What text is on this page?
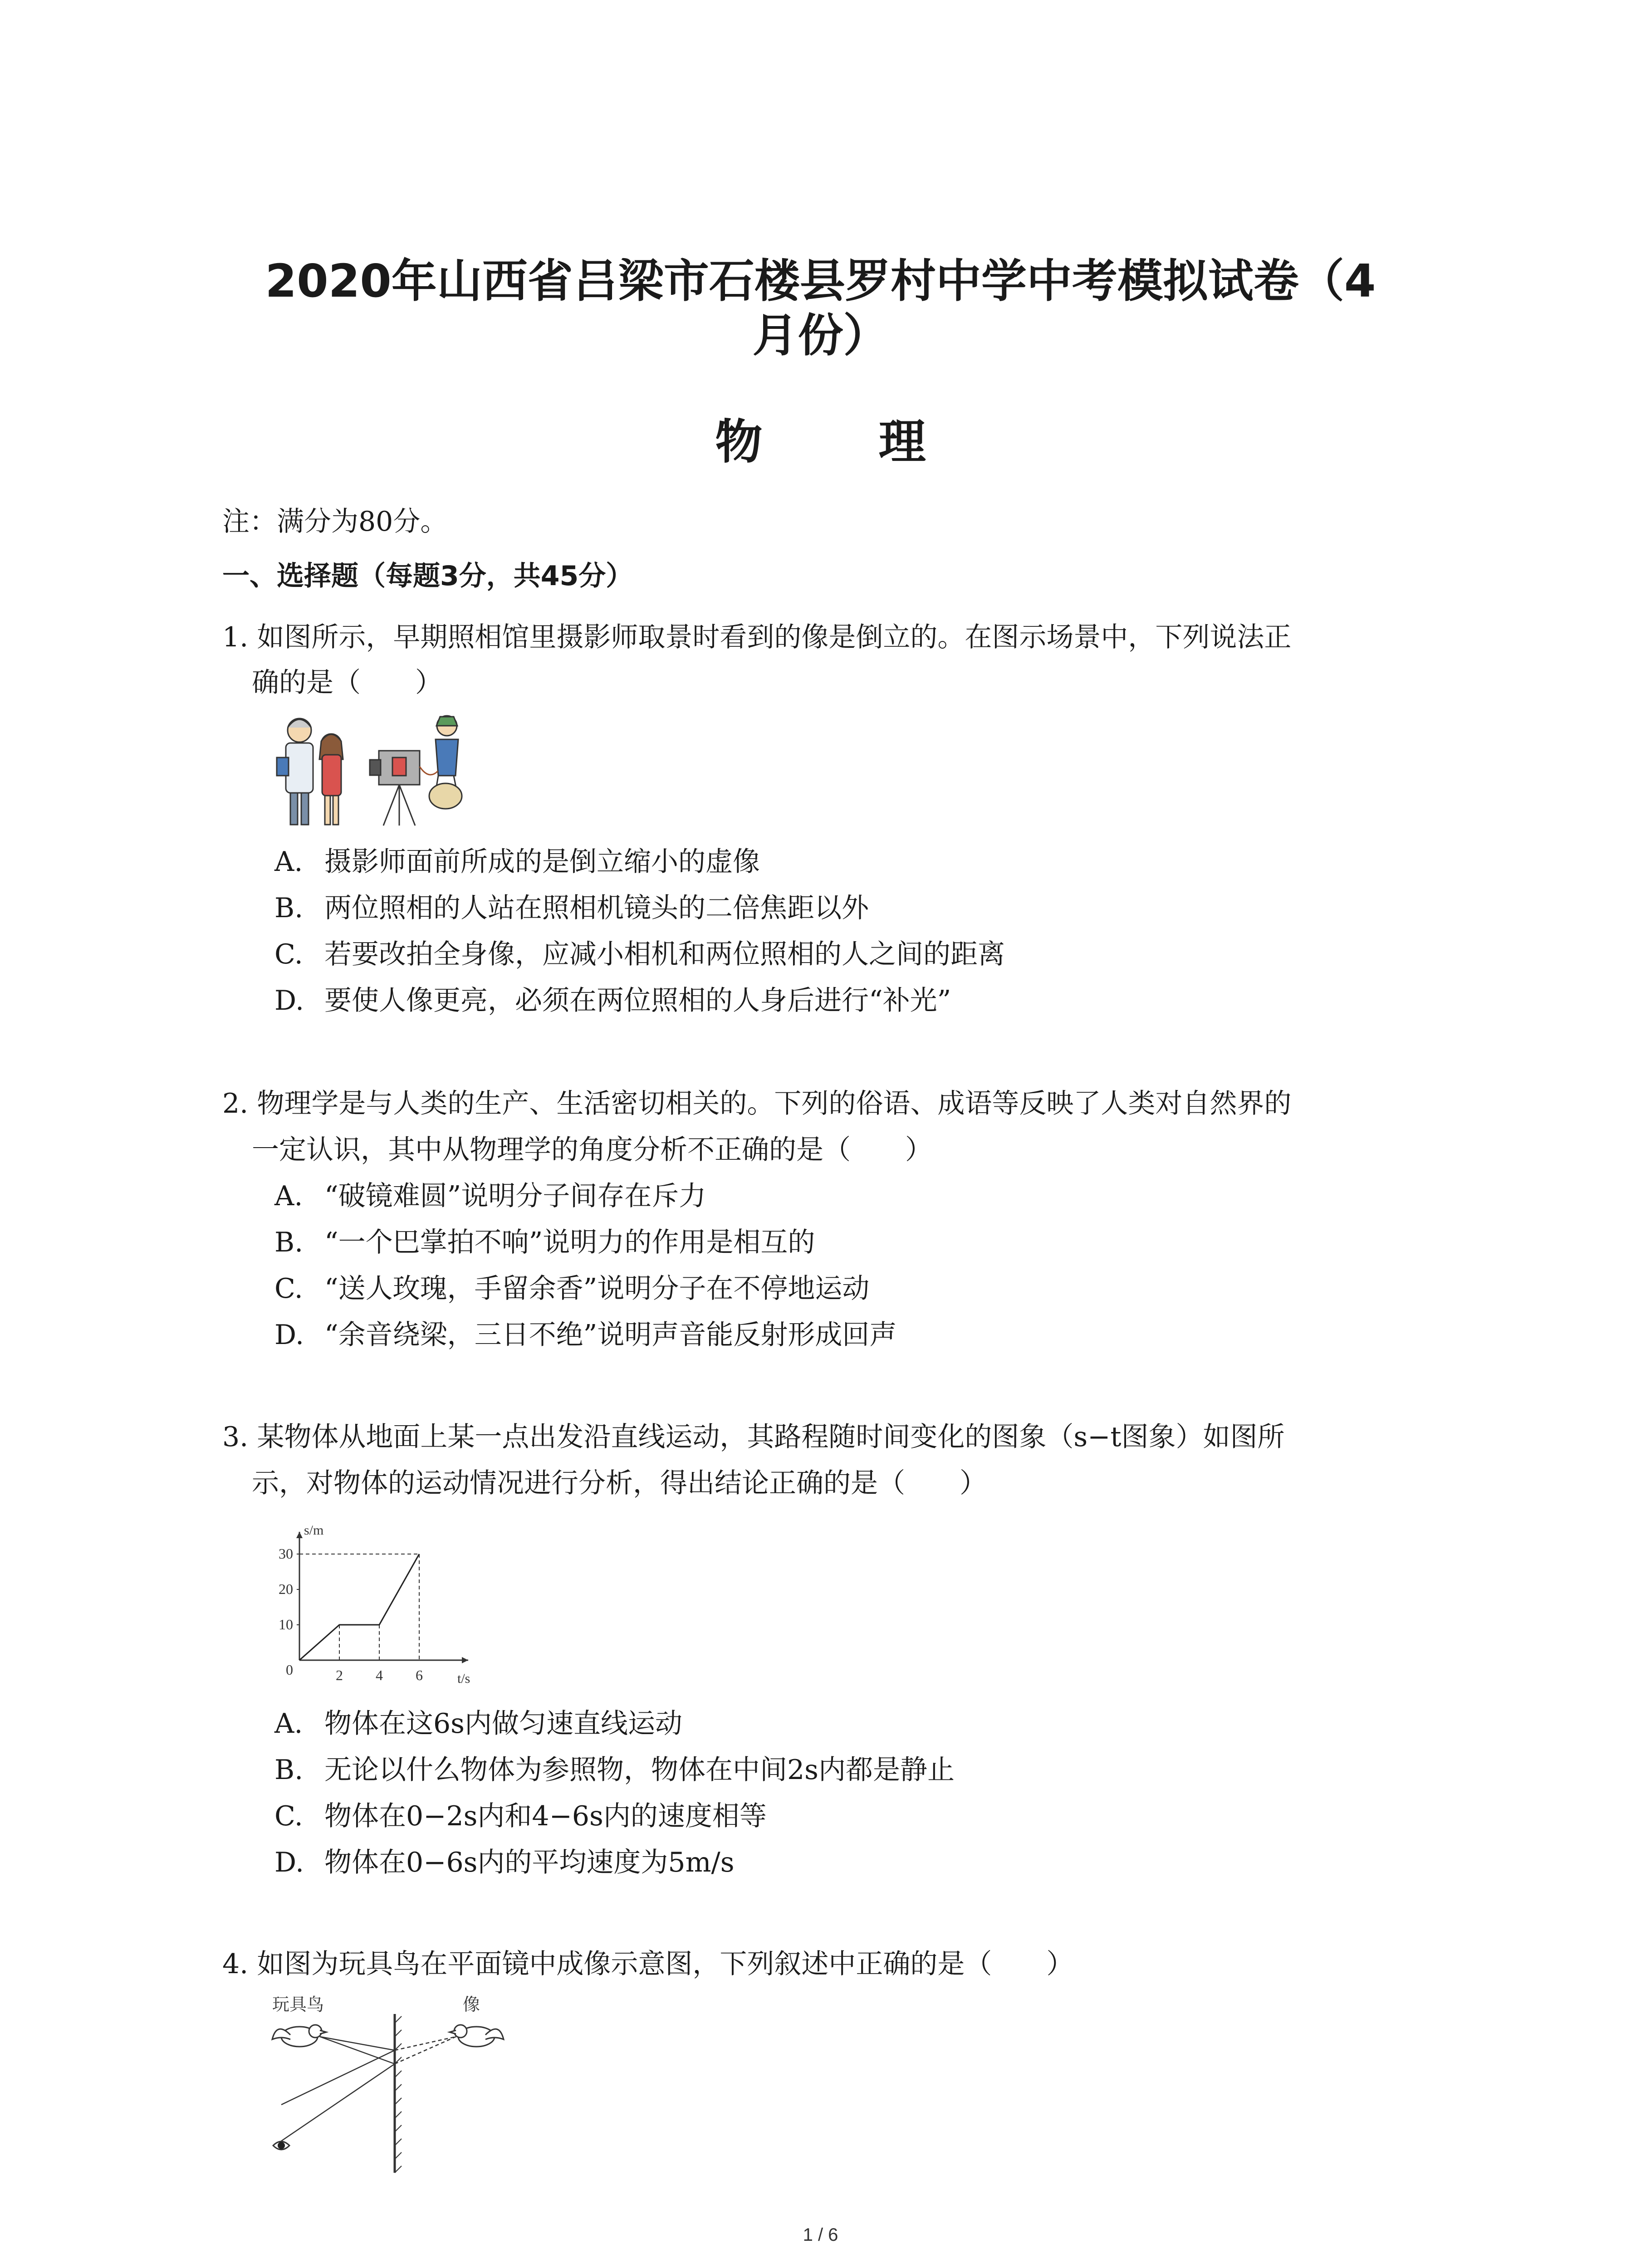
2020年山西省吕梁市石楼县罗村中学中考模拟试卷（4
月份）
物 理
注：满分为80分。
一、选择题（每题3分，共45分）
1. 如图所示，早期照相馆里摄影师取景时看到的像是倒立的。在图示场景中，下列说法正
确的是（　　）
A. 摄影师面前所成的是倒立缩小的虚像
B. 两位照相的人站在照相机镜头的二倍焦距以外
C. 若要改拍全身像，应减小相机和两位照相的人之间的距离
D. 要使人像更亮，必须在两位照相的人身后进行“补光”
2. 物理学是与人类的生产、生活密切相关的。下列的俗语、成语等反映了人类对自然界的
一定认识，其中从物理学的角度分析不正确的是（　　）
A. “破镜难圆”说明分子间存在斥力
B. “一个巴掌拍不响”说明力的作用是相互的
C. “送人玫瑰，手留余香”说明分子在不停地运动
D. “余音绕梁，三日不绝”说明声音能反射形成回声
3. 某物体从地面上某一点出发沿直线运动，其路程随时间变化的图象（s−t图象）如图所
示，对物体的运动情况进行分析，得出结论正确的是（　　）
s/m
t/s
30
20
10
0	2 4 6
A. 物体在这6s内做匀速直线运动
B. 无论以什么物体为参照物，物体在中间2s内都是静止
C. 物体在0−2s内和4−6s内的速度相等
D. 物体在0−6s内的平均速度为5m/s
4. 如图为玩具鸟在平面镜中成像示意图，下列叙述中正确的是（　　）
玩具鸟	像
1 / 6
